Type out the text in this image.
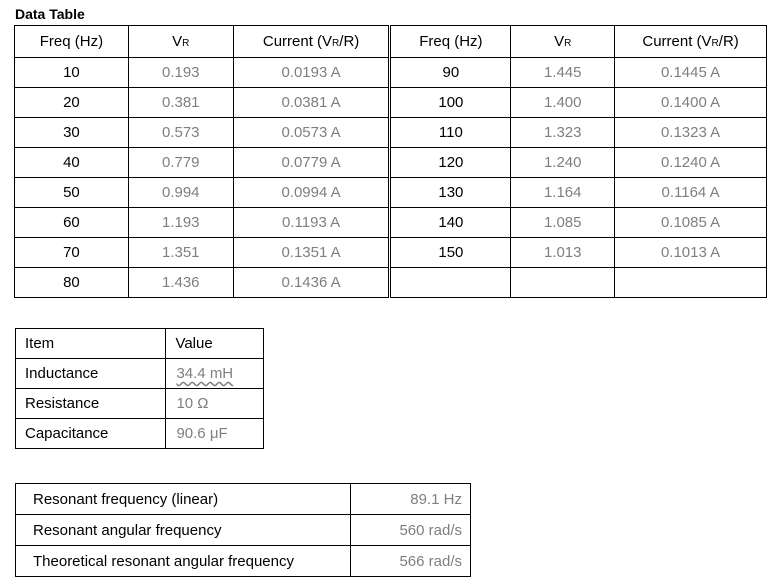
Data Table
Freq (Hz)	VR	Current (VR/R)	Freq (Hz)	VR	Current (VR/R)
10	0.193	0.0193 A	90	1.445	0.1445 A
20	0.381	0.0381 A	100	1.400	0.1400 A
30	0.573	0.0573 A	110	1.323	0.1323 A
40	0.779	0.0779 A	120	1.240	0.1240 A
50	0.994	0.0994 A	130	1.164	0.1164 A
60	1.193	0.1193 A	140	1.085	0.1085 A
70	1.351	0.1351 A	150	1.013	0.1013 A
80	1.436	0.1436 A			
Item	Value
Inductance	34.4 mH
Resistance	10 Ω
Capacitance	90.6 μF
Resonant frequency (linear)	89.1 Hz
Resonant angular frequency	560 rad/s
Theoretical resonant angular frequency	566 rad/s
